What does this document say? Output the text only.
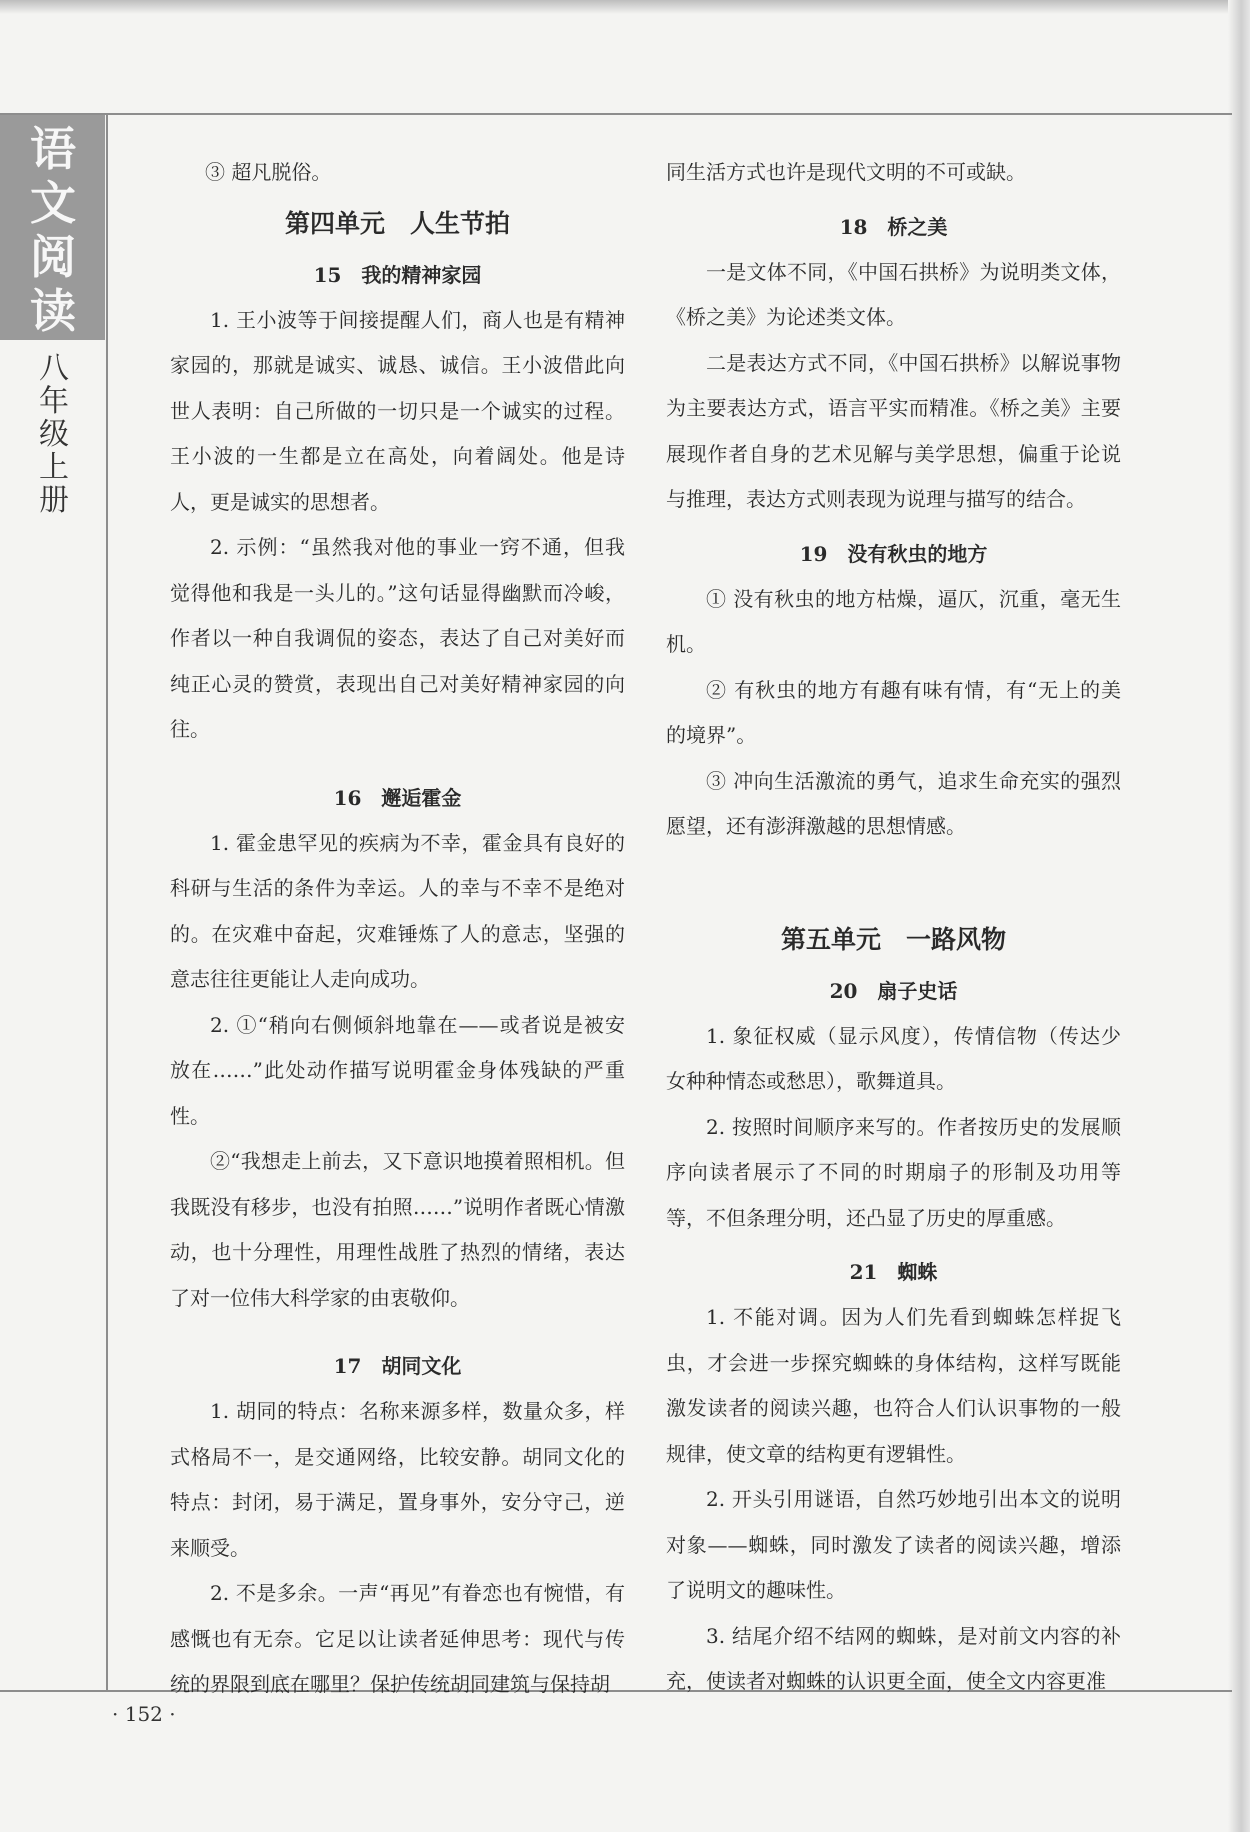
语
文
阅
读
八
年
级
上
册

③ 超凡脱俗。

第四单元　人生节拍
15　我的精神家园

1. 王小波等于间接提醒人们，商人也是有精神家园的，那就是诚实、诚恳、诚信。王小波借此向世人表明：自己所做的一切只是一个诚实的过程。王小波的一生都是立在高处，向着阔处。他是诗人，更是诚实的思想者。

2. 示例：“虽然我对他的事业一窍不通，但我觉得他和我是一头儿的。”这句话显得幽默而冷峻，作者以一种自我调侃的姿态，表达了自己对美好而纯正心灵的赞赏，表现出自己对美好精神家园的向往。

16　邂逅霍金

1. 霍金患罕见的疾病为不幸，霍金具有良好的科研与生活的条件为幸运。人的幸与不幸不是绝对的。在灾难中奋起，灾难锤炼了人的意志，坚强的意志往往更能让人走向成功。

2. ①“稍向右侧倾斜地靠在——或者说是被安放在……”此处动作描写说明霍金身体残缺的严重性。

②“我想走上前去，又下意识地摸着照相机。但我既没有移步，也没有拍照……”说明作者既心情激动，也十分理性，用理性战胜了热烈的情绪，表达了对一位伟大科学家的由衷敬仰。

17　胡同文化

1. 胡同的特点：名称来源多样，数量众多，样式格局不一，是交通网络，比较安静。胡同文化的特点：封闭，易于满足，置身事外，安分守己，逆来顺受。

2. 不是多余。一声“再见”有眷恋也有惋惜，有感慨也有无奈。它足以让读者延伸思考：现代与传统的界限到底在哪里？保护传统胡同建筑与保持胡

同生活方式也许是现代文明的不可或缺。

18　桥之美

一是文体不同，《中国石拱桥》为说明类文体，《桥之美》为论述类文体。

二是表达方式不同，《中国石拱桥》以解说事物为主要表达方式，语言平实而精准。《桥之美》主要展现作者自身的艺术见解与美学思想，偏重于论说与推理，表达方式则表现为说理与描写的结合。

19　没有秋虫的地方

① 没有秋虫的地方枯燥，逼仄，沉重，毫无生机。

② 有秋虫的地方有趣有味有情，有“无上的美的境界”。

③ 冲向生活激流的勇气，追求生命充实的强烈愿望，还有澎湃激越的思想情感。

第五单元　一路风物
20　扇子史话

1. 象征权威（显示风度），传情信物（传达少女种种情态或愁思），歌舞道具。

2. 按照时间顺序来写的。作者按历史的发展顺序向读者展示了不同的时期扇子的形制及功用等等，不但条理分明，还凸显了历史的厚重感。

21　蜘蛛

1. 不能对调。因为人们先看到蜘蛛怎样捉飞虫，才会进一步探究蜘蛛的身体结构，这样写既能激发读者的阅读兴趣，也符合人们认识事物的一般规律，使文章的结构更有逻辑性。

2. 开头引用谜语，自然巧妙地引出本文的说明对象——蜘蛛，同时激发了读者的阅读兴趣，增添了说明文的趣味性。

3. 结尾介绍不结网的蜘蛛，是对前文内容的补充，使读者对蜘蛛的认识更全面，使全文内容更准

· 152 ·
